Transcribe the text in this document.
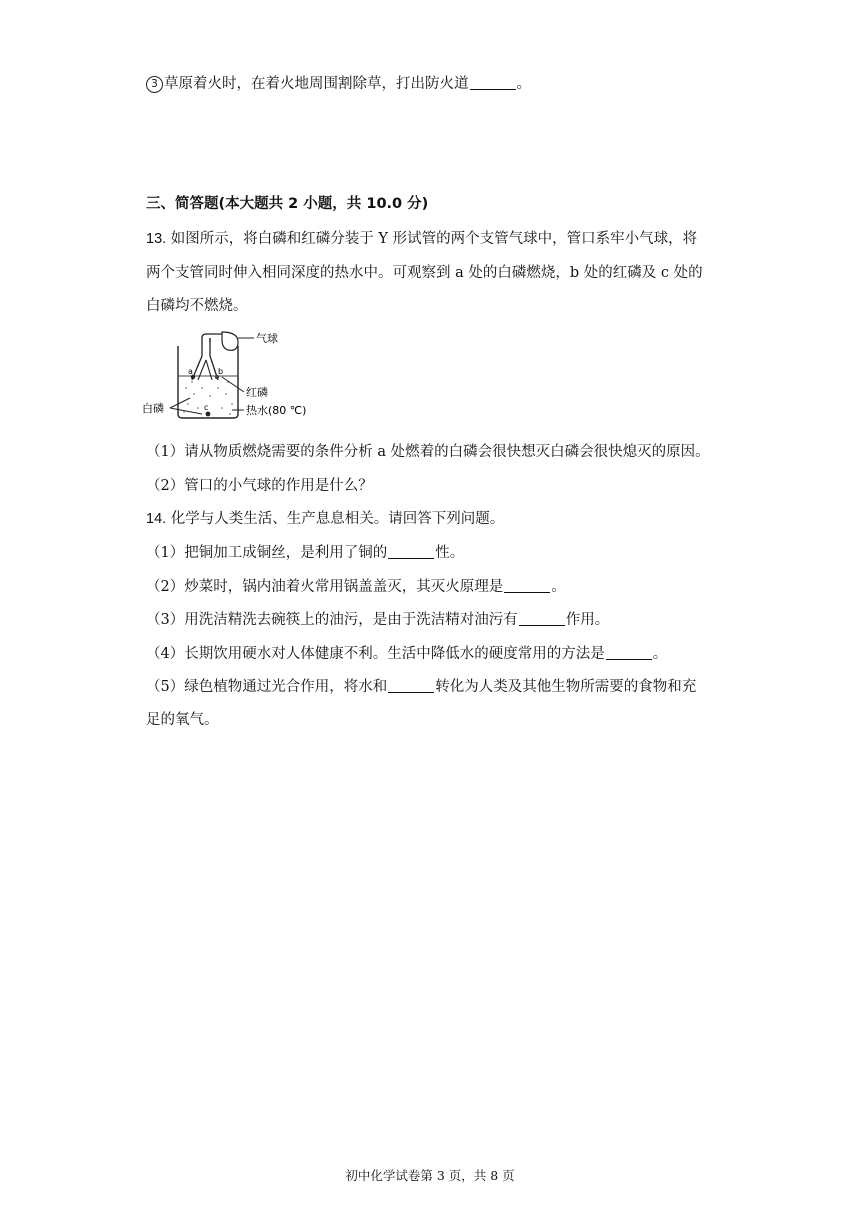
3 草原着火时，在着火地周围割除草，打出防火道	。
三、简答题(本大题共 2 小题，共 10.0 分)
13. 如图所示，将白磷和红磷分装于 Y 形试管的两个支管气球中，管口系牢小气球，将
两个支管同时伸入相同深度的热水中。可观察到 a 处的白磷燃烧，b 处的红磷及 c 处的
白磷均不燃烧。
气球
红磷
热水(80 ℃)
白磷
a	b
c
（1）请从物质燃烧需要的条件分析 a 处燃着的白磷会很快想灭白磷会很快熄灭的原因。
（2）管口的小气球的作用是什么？
14. 化学与人类生活、生产息息相关。请回答下列问题。
（1）把铜加工成铜丝，是利用了铜的	性。
（2）炒菜时，锅内油着火常用锅盖盖灭，其灭火原理是	。
（3）用洗洁精洗去碗筷上的油污，是由于洗洁精对油污有	作用。
（4）长期饮用硬水对人体健康不利。生活中降低水的硬度常用的方法是	。
（5）绿色植物通过光合作用，将水和	转化为人类及其他生物所需要的食物和充
足的氧气。
初中化学试卷第 3 页，共 8 页
